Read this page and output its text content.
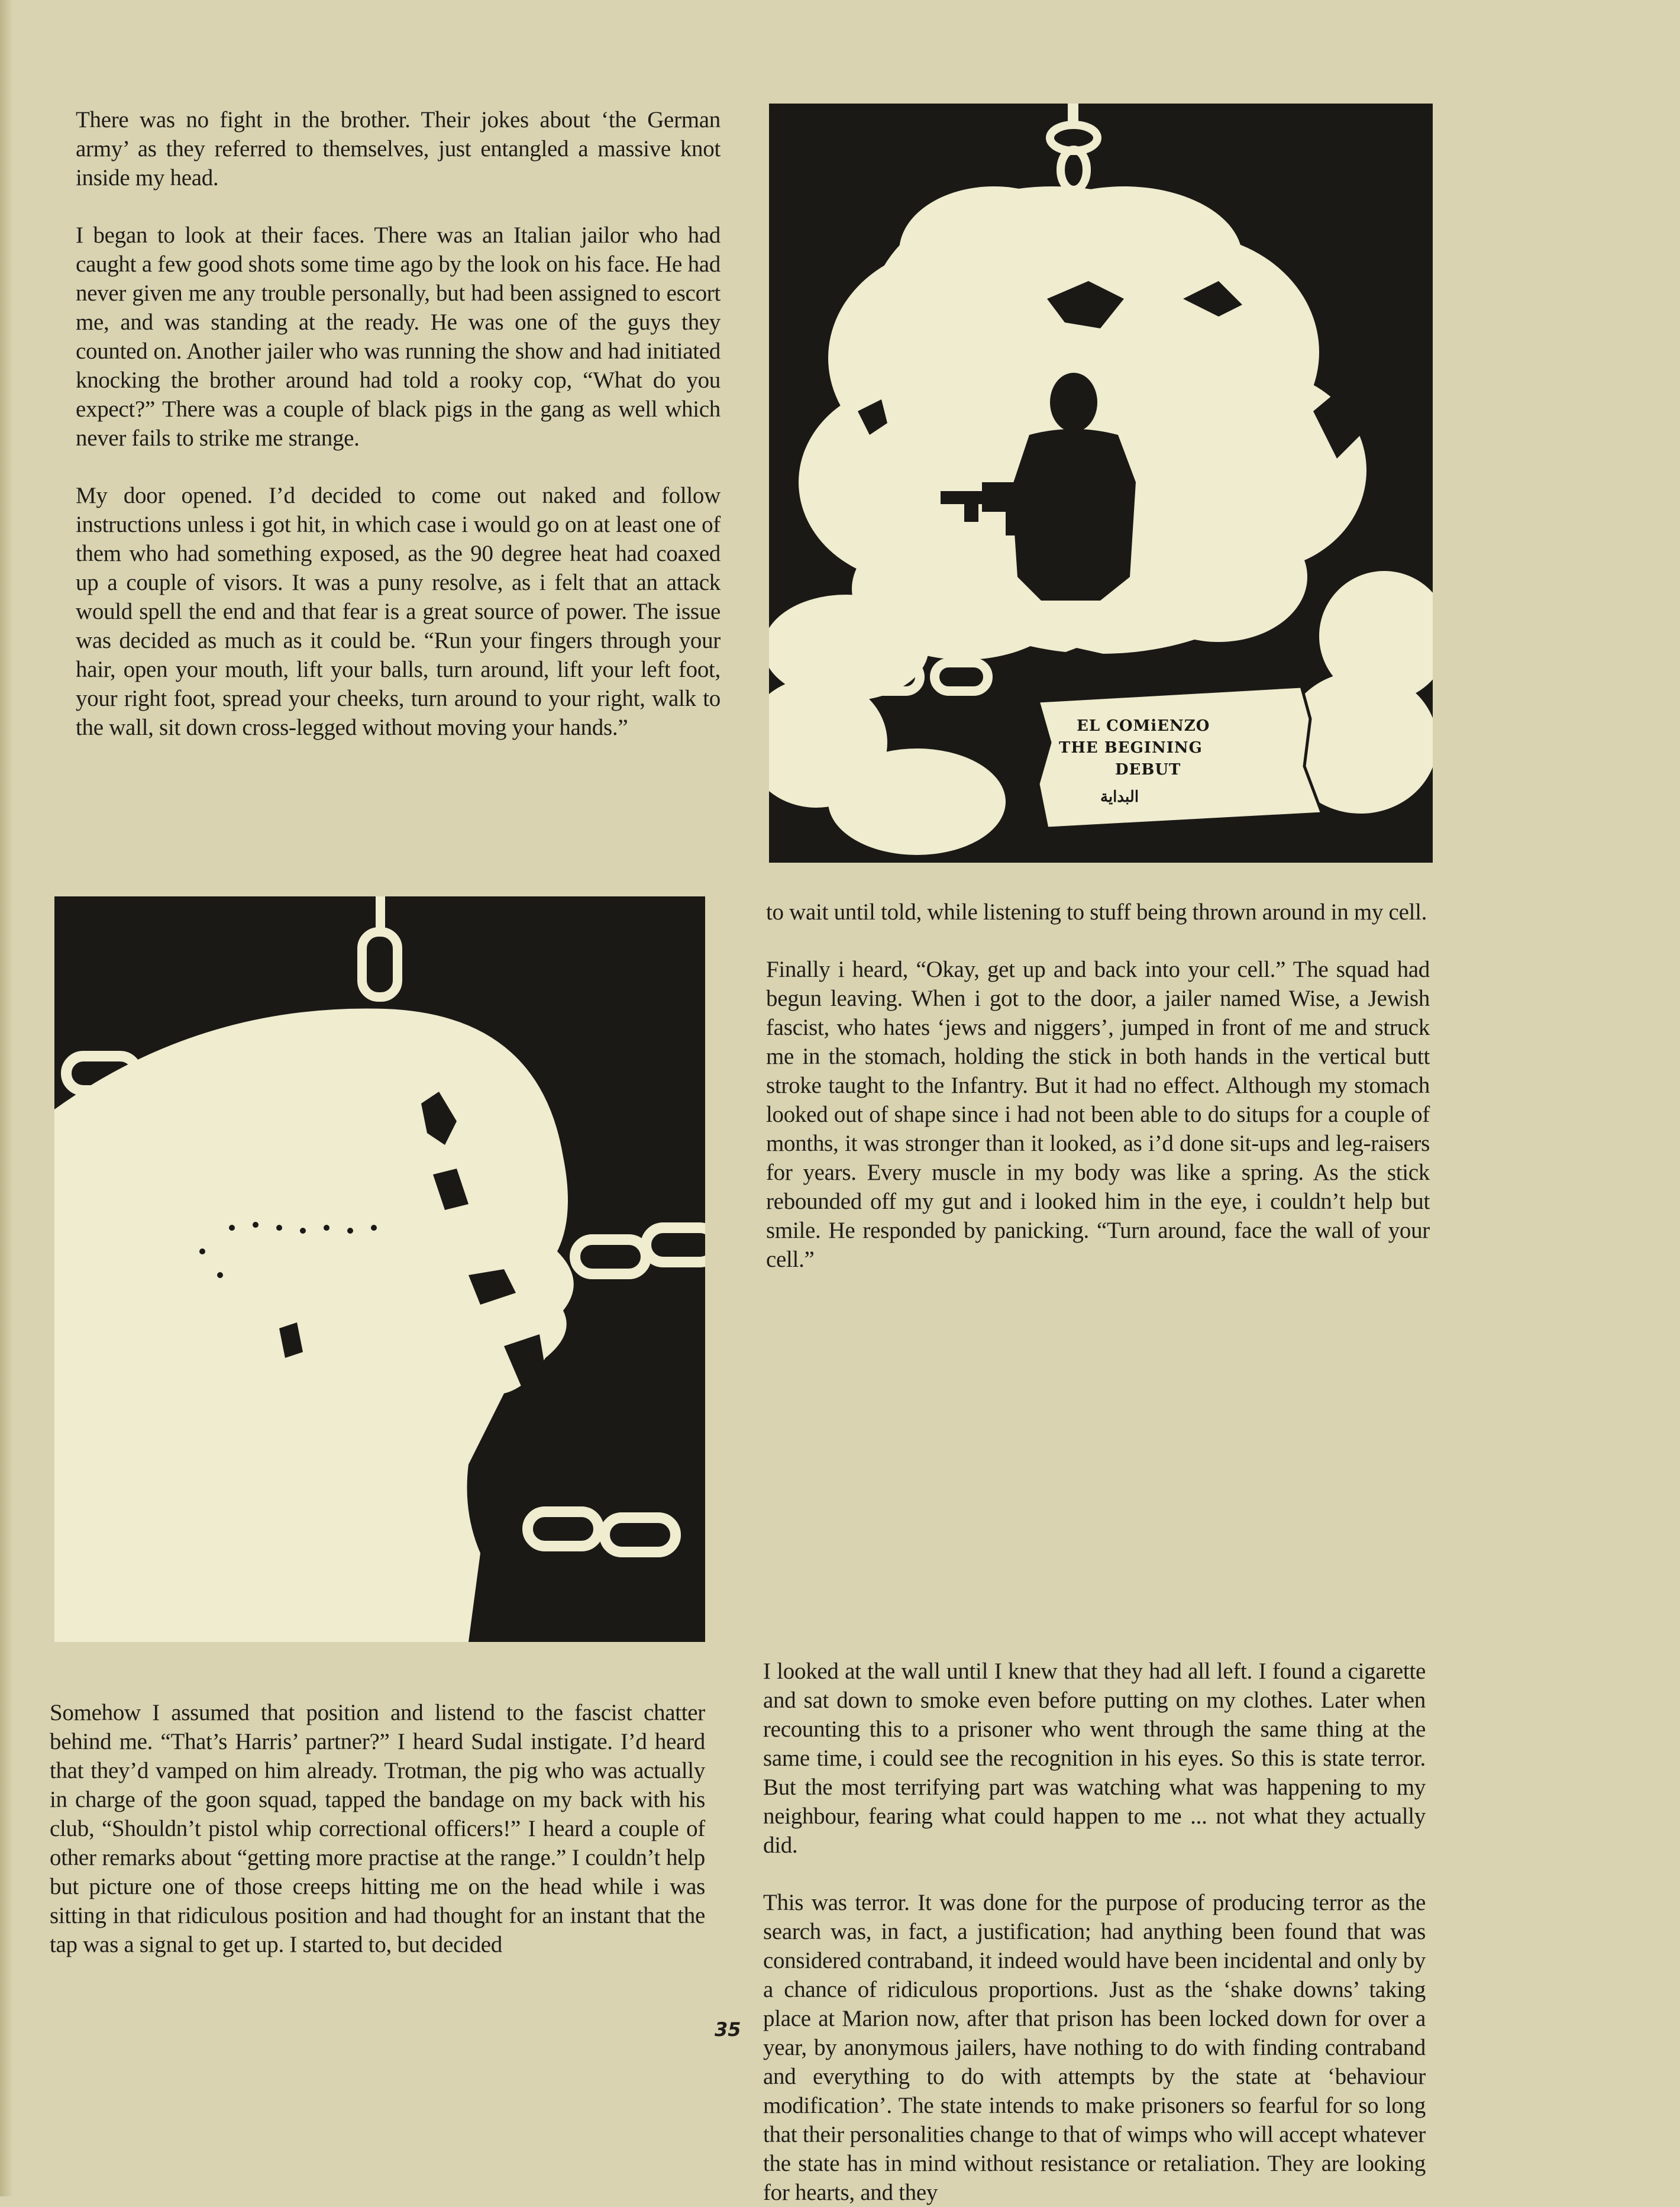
There was no fight in the brother. Their jokes about ‘the German army’ as they referred to themselves, just entangled a massive knot inside my head.

I began to look at their faces. There was an Italian jailor who had caught a few good shots some time ago by the look on his face. He had never given me any trouble personally, but had been assigned to escort me, and was standing at the ready. He was one of the guys they counted on. Another jailer who was running the show and had initiated knocking the brother around had told a rooky cop, “What do you expect?” There was a couple of black pigs in the gang as well which never fails to strike me strange.

My door opened. I’d decided to come out naked and follow instructions unless i got hit, in which case i would go on at least one of them who had something exposed, as the 90 degree heat had coaxed up a couple of visors. It was a puny resolve, as i felt that an attack would spell the end and that fear is a great source of power. The issue was decided as much as it could be. “Run your fingers through your hair, open your mouth, lift your balls, turn around, lift your left foot, your right foot, spread your cheeks, turn around to your right, walk to the wall, sit down cross-legged without moving your hands.”	EL COMiENZO
THE BEGINING
DEBUT
البداية

to wait until told, while listening to stuff being thrown around in my cell.

Finally i heard, “Okay, get up and back into your cell.” The squad had begun leaving. When i got to the door, a jailer named Wise, a Jewish fascist, who hates ‘jews and niggers’, jumped in front of me and struck me in the stomach, holding the stick in both hands in the vertical butt stroke taught to the Infantry. But it had no effect. Although my stomach looked out of shape since i had not been able to do situps for a couple of months, it was stronger than it looked, as i’d done sit-ups and leg-raisers for years. Every muscle in my body was like a spring. As the stick rebounded off my gut and i looked him in the eye, i couldn’t help but smile. He responded by panicking. “Turn around, face the wall of your cell.”

Somehow I assumed that position and listend to the fascist chatter behind me. “That’s Harris’ partner?” I heard Sudal instigate. I’d heard that they’d vamped on him already. Trotman, the pig who was actually in charge of the goon squad, tapped the bandage on my back with his club, “Shouldn’t pistol whip correctional officers!” I heard a couple of other remarks about “getting more practise at the range.” I couldn’t help but picture one of those creeps hitting me on the head while i was sitting in that ridiculous position and had thought for an instant that the tap was a signal to get up. I started to, but decided

I looked at the wall until I knew that they had all left. I found a cigarette and sat down to smoke even before putting on my clothes. Later when recounting this to a prisoner who went through the same thing at the same time, i could see the recognition in his eyes. So this is state terror. But the most terrifying part was watching what was happening to my neighbour, fearing what could happen to me ... not what they actually did.

This was terror. It was done for the purpose of producing terror as the search was, in fact, a justification; had anything been found that was considered contraband, it indeed would have been incidental and only by a chance of ridiculous proportions. Just as the ‘shake downs’ taking place at Marion now, after that prison has been locked down for over a year, by anonymous jailers, have nothing to do with finding contraband and everything to do with attempts by the state at ‘behaviour modification’. The state intends to make prisoners so fearful for so long that their personalities change to that of wimps who will accept whatever the state has in mind without resistance or retaliation. They are looking for hearts, and they

35
